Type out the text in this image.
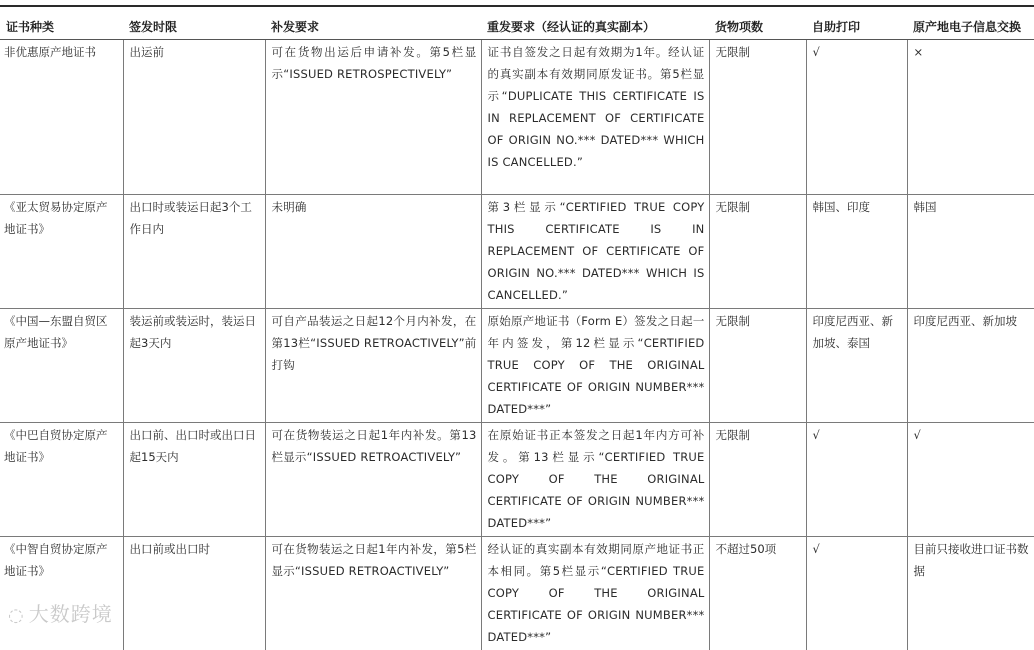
证书种类	签发时限	补发要求	重发要求（经认证的真实副本）	货物项数	自助打印	原产地电子信息交换
非优惠原产地证书	出运前	可在货物出运后申请补发。第5栏显示“ISSUED RETROSPECTIVELY”	证书自签发之日起有效期为1年。经认证的真实副本有效期同原发证书。第5栏显示“DUPLICATE THIS CERTIFICATE IS IN REPLACEMENT OF CERTIFICATE OF ORIGIN NO.*** DATED*** WHICH IS CANCELLED.”	无限制	√	×
《亚太贸易协定原产地证书》	出口时或装运日起3个工作日内	未明确	第3栏显示“CERTIFIED TRUE COPY THIS CERTIFICATE IS IN REPLACEMENT OF CERTIFICATE OF ORIGIN NO.*** DATED*** WHICH IS CANCELLED.”	无限制	韩国、印度	韩国
《中国—东盟自贸区原产地证书》	装运前或装运时，装运日起3天内	可自产品装运之日起12个月内补发，在第13栏“ISSUED RETROACTIVELY”前打钩	原始原产地证书（Form E）签发之日起一年内签发，第12栏显示“CERTIFIED TRUE COPY OF THE ORIGINAL CERTIFICATE OF ORIGIN NUMBER*** DATED***”	无限制	印度尼西亚、新加坡、泰国	印度尼西亚、新加坡
《中巴自贸协定原产地证书》	出口前、出口时或出口日起15天内	可在货物装运之日起1年内补发。第13栏显示“ISSUED RETROACTIVELY”	在原始证书正本签发之日起1年内方可补发。第13栏显示“CERTIFIED TRUE COPY OF THE ORIGINAL CERTIFICATE OF ORIGIN NUMBER*** DATED***”	无限制	√	√
《中智自贸协定原产地证书》	出口前或出口时	可在货物装运之日起1年内补发，第5栏显示“ISSUED RETROACTIVELY”	经认证的真实副本有效期同原产地证书正本相同。第5栏显示“CERTIFIED TRUE COPY OF THE ORIGINAL CERTIFICATE OF ORIGIN NUMBER*** DATED***”	不超过50项	√	目前只接收进口证书数据
◌ 大数跨境
